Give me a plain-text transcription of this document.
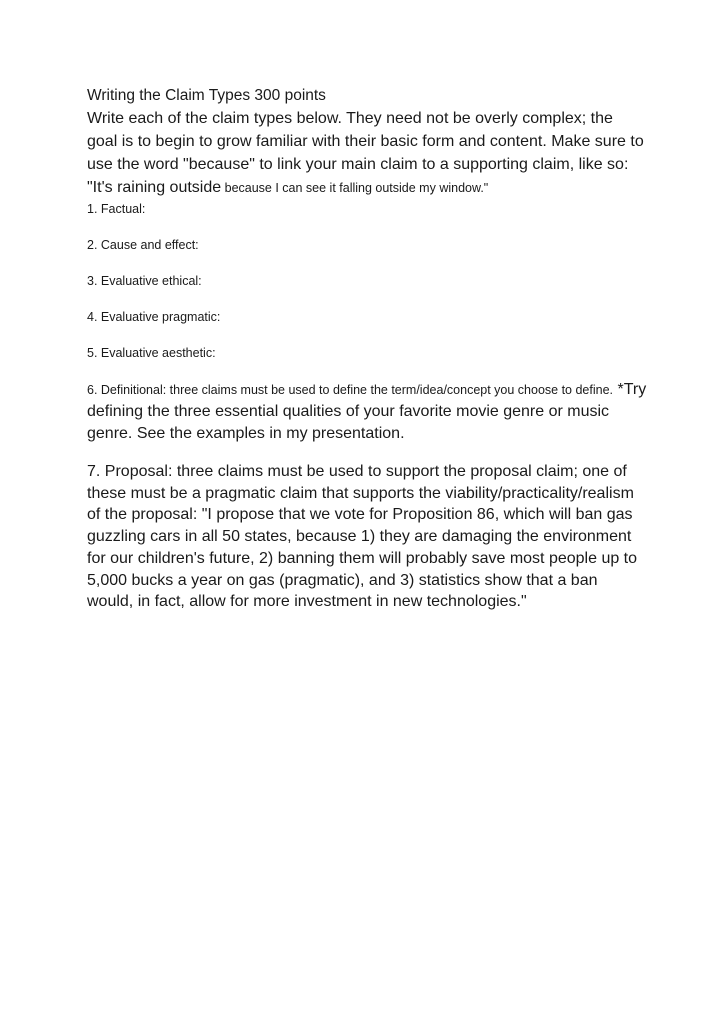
Writing the Claim Types 300 points

Write each of the claim types below. They need not be overly complex; the goal is to begin to grow familiar with their basic form and content. Make sure to use the word "because" to link your main claim to a supporting claim, like so: "It's raining outside because I can see it falling outside my window."

1. Factual:

2. Cause and effect:

3. Evaluative ethical:

4. Evaluative pragmatic:

5. Evaluative aesthetic:

6. Definitional: three claims must be used to define the term/idea/concept you choose to define. *Try defining the three essential qualities of your favorite movie genre or music genre. See the examples in my presentation.

7. Proposal: three claims must be used to support the proposal claim; one of these must be a pragmatic claim that supports the viability/practicality/realism of the proposal: "I propose that we vote for Proposition 86, which will ban gas guzzling cars in all 50 states, because 1) they are damaging the environment for our children's future, 2) banning them will probably save most people up to 5,000 bucks a year on gas (pragmatic), and 3) statistics show that a ban would, in fact, allow for more investment in new technologies."
